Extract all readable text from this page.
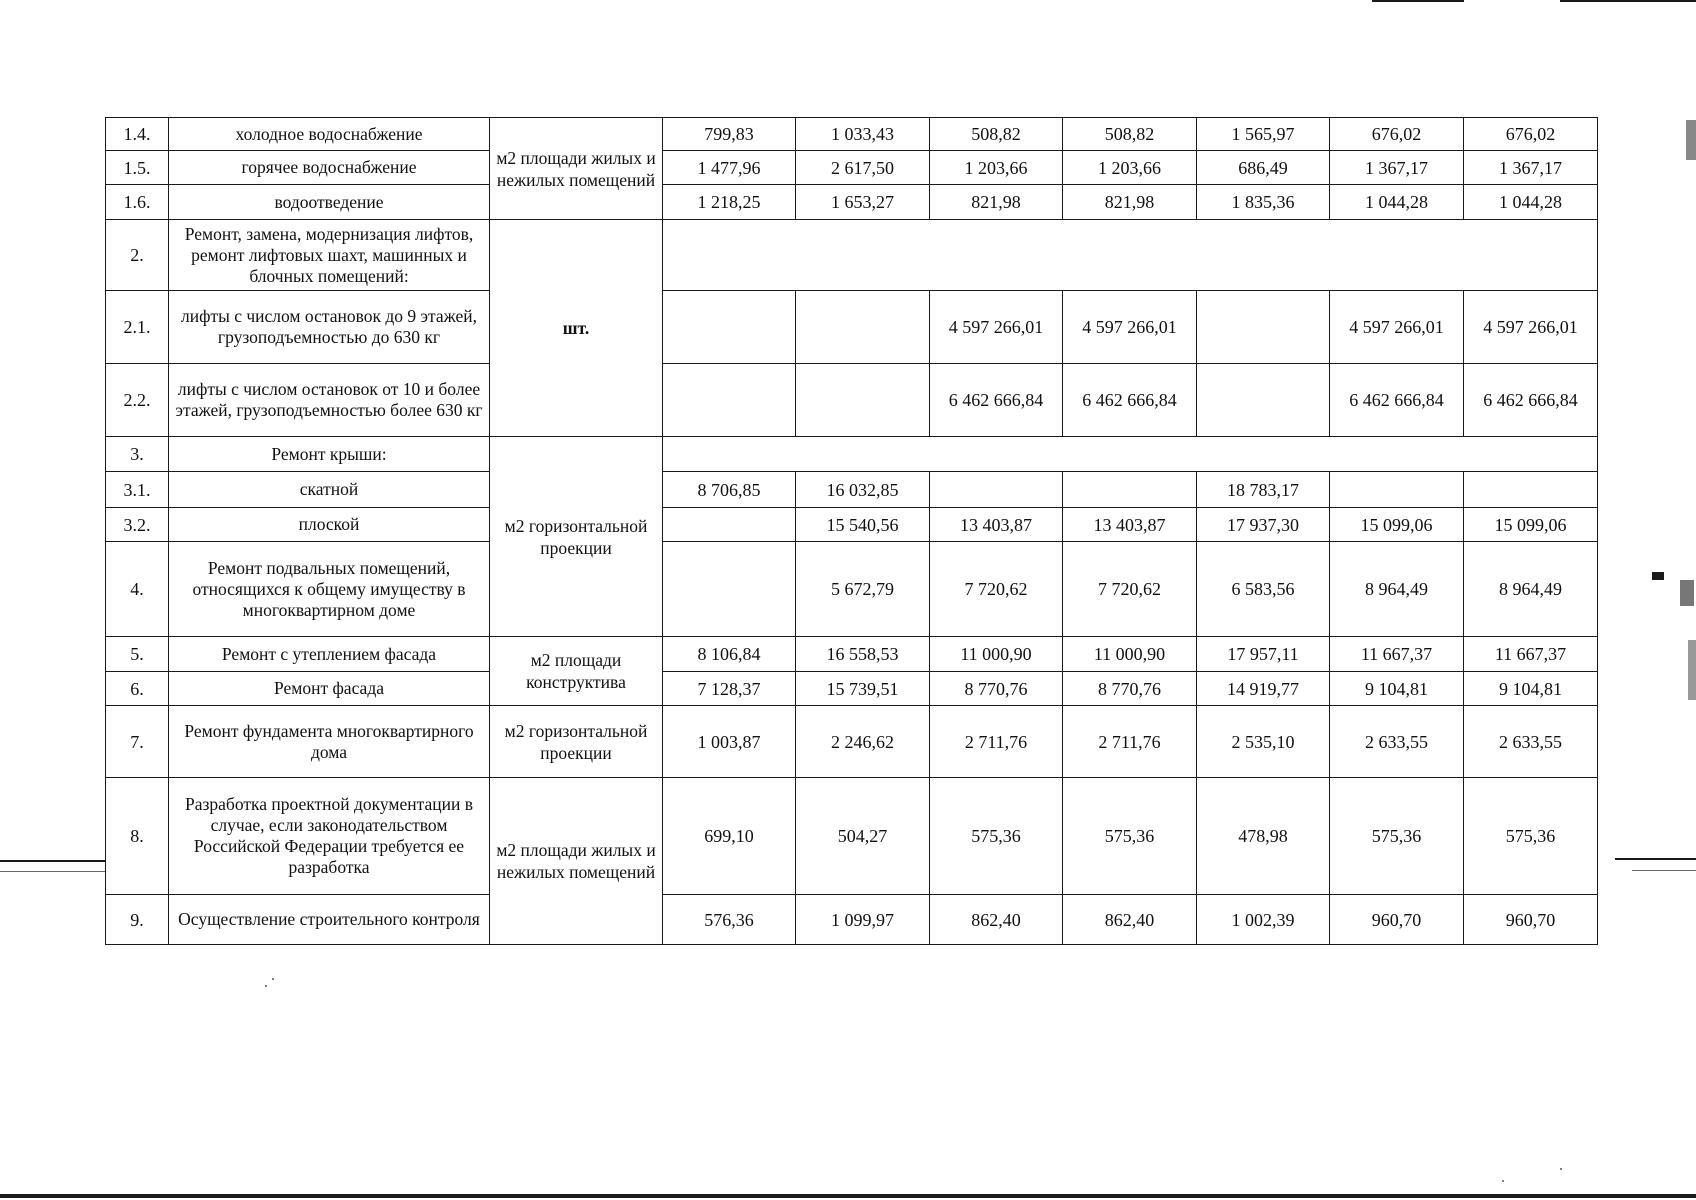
1.4.	холодное водоснабжение	м2 площади жилых и нежилых помещений	799,83	1 033,43	508,82	508,82	1 565,97	676,02	676,02
1.5.	горячее водоснабжение		1 477,96	2 617,50	1 203,66	1 203,66	686,49	1 367,17	1 367,17
1.6.	водоотведение		1 218,25	1 653,27	821,98	821,98	1 835,36	1 044,28	1 044,28
2.	Ремонт, замена, модернизация лифтов, ремонт лифтовых шахт, машинных и блочных помещений:	шт.							
2.1.	лифты с числом остановок до 9 этажей, грузоподъемностью до 630 кг				4 597 266,01	4 597 266,01		4 597 266,01	4 597 266,01
2.2.	лифты с числом остановок от 10 и более этажей, грузоподъемностью более 630 кг				6 462 666,84	6 462 666,84		6 462 666,84	6 462 666,84
3.	Ремонт крыши:	м2 горизонтальной проекции							
3.1.	скатной		8 706,85	16 032,85			18 783,17		
3.2.	плоской			15 540,56	13 403,87	13 403,87	17 937,30	15 099,06	15 099,06
4.	Ремонт подвальных помещений, относящихся к общему имуществу в многоквартирном доме			5 672,79	7 720,62	7 720,62	6 583,56	8 964,49	8 964,49
5.	Ремонт с утеплением фасада	м2 площади конструктива	8 106,84	16 558,53	11 000,90	11 000,90	17 957,11	11 667,37	11 667,37
6.	Ремонт фасада		7 128,37	15 739,51	8 770,76	8 770,76	14 919,77	9 104,81	9 104,81
7.	Ремонт фундамента многоквартирного дома	м2 горизонтальной проекции	1 003,87	2 246,62	2 711,76	2 711,76	2 535,10	2 633,55	2 633,55
8.	Разработка проектной документации в случае, если законодательством Российской Федерации требуется ее разработка	м2 площади жилых и нежилых помещений	699,10	504,27	575,36	575,36	478,98	575,36	575,36
9.	Осуществление строительного контроля		576,36	1 099,97	862,40	862,40	1 002,39	960,70	960,70
